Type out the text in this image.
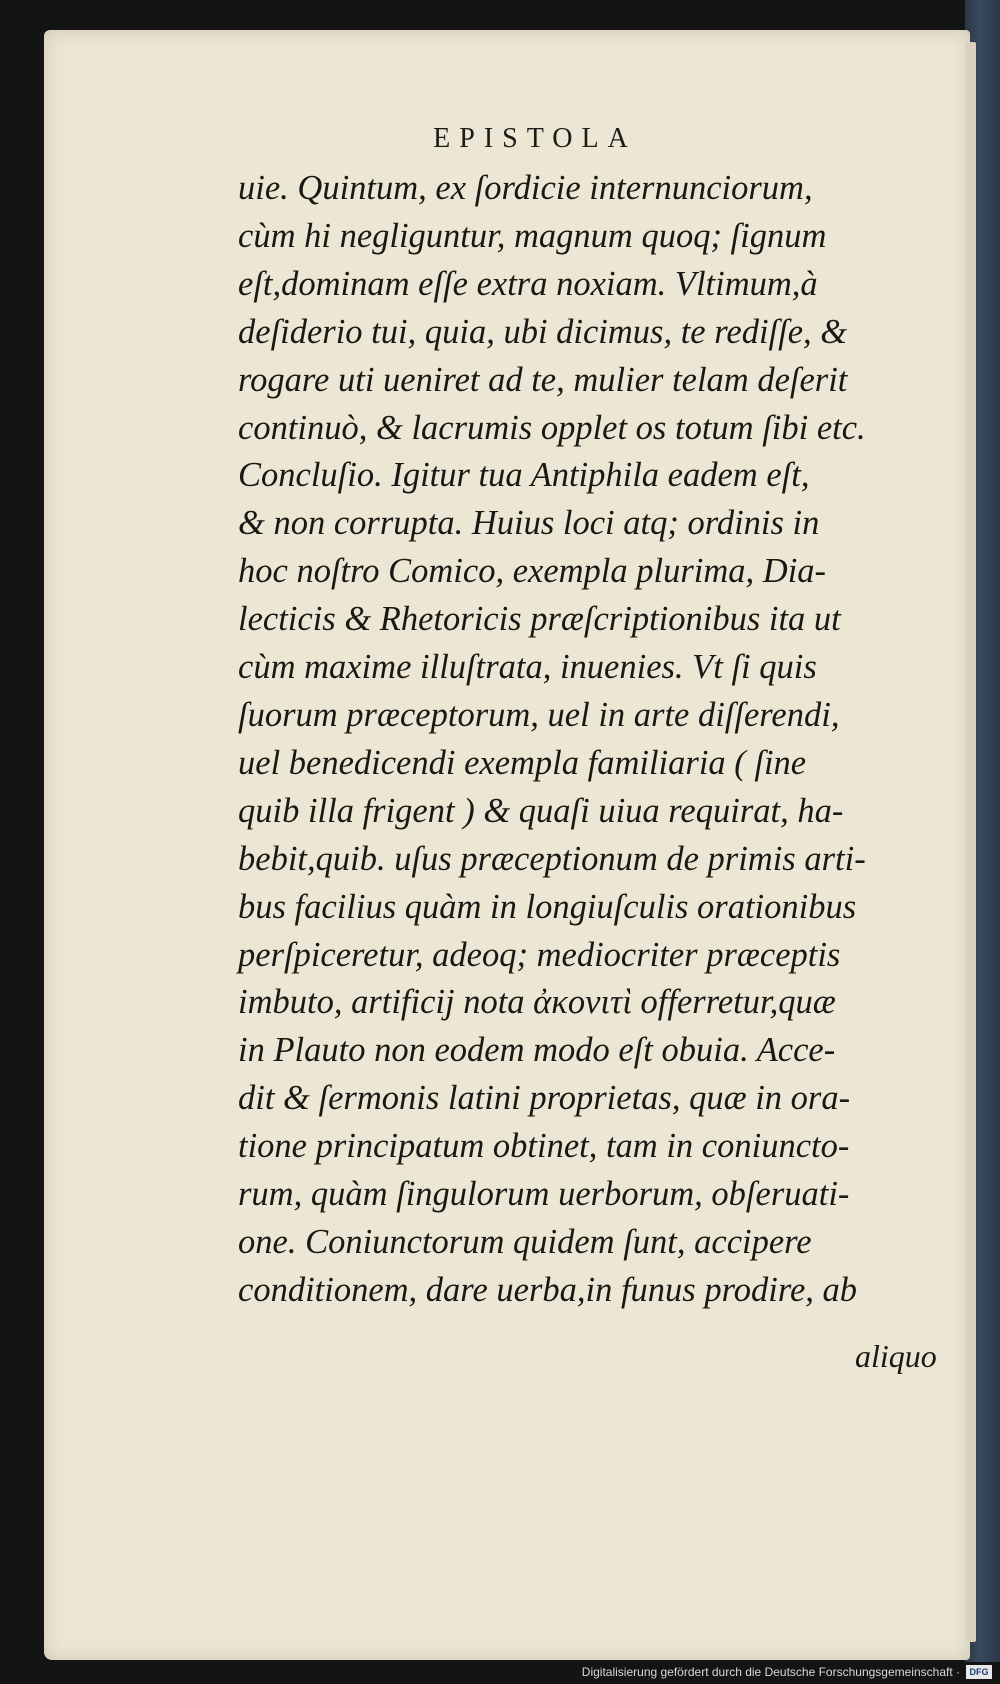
EPISTOLA
uie. Quintum, ex ſordicie internunciorum,
cùm hi negliguntur, magnum quoq; ſignum
eſt,dominam eſſe extra noxiam. Vltimum,à
deſiderio tui, quia, ubi dicimus, te rediſſe, &
rogare uti ueniret ad te, mulier telam deſerit
continuò, & lacrumis opplet os totum ſibi etc.
Concluſio. Igitur tua Antiphila eadem eſt,
& non corrupta. Huius loci atq; ordinis in
hoc noſtro Comico, exempla plurima, Dia-
lecticis & Rhetoricis præſcriptionibus ita ut
cùm maxime illuſtrata, inuenies. Vt ſi quis
ſuorum præceptorum, uel in arte diſſerendi,
uel benedicendi exempla familiaria ( ſine
quib illa frigent ) & quaſi uiua requirat, ha-
bebit,quib. uſus præceptionum de primis arti-
bus facilius quàm in longiuſculis orationibus
perſpiceretur, adeoq; mediocriter præceptis
imbuto, artificij nota ἀκονιτὶ offerretur,quæ
in Plauto non eodem modo eſt obuia. Acce-
dit & ſermonis latini proprietas, quæ in ora-
tione principatum obtinet, tam in coniuncto-
rum, quàm ſingulorum uerborum, obſeruati-
one. Coniunctorum quidem ſunt, accipere
conditionem, dare uerba,in funus prodire, ab
aliquo
Digitalisierung gefördert durch die Deutsche Forschungsgemeinschaft ·	DFG
